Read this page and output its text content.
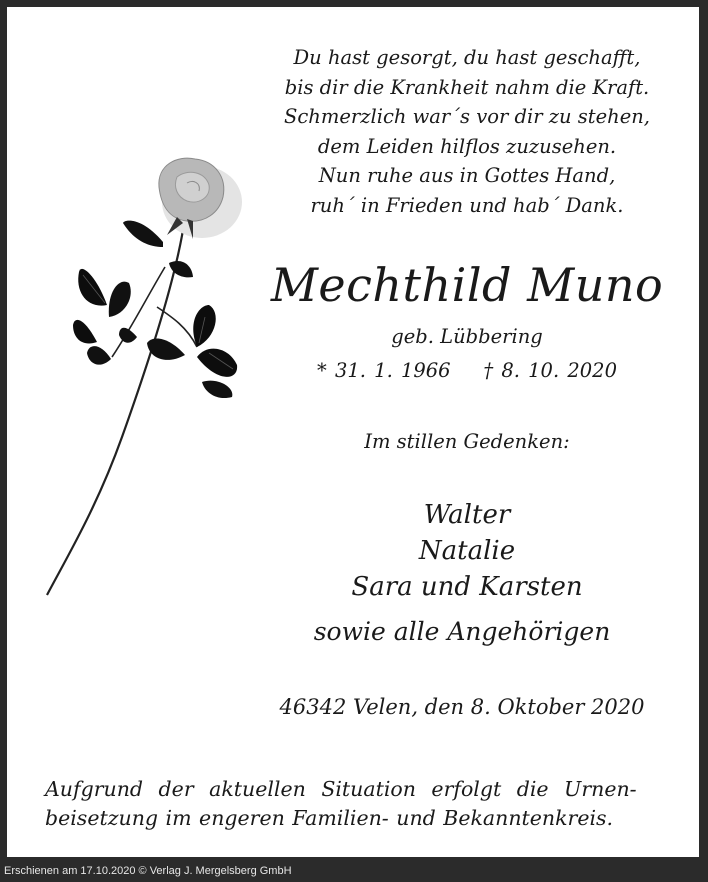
Du hast gesorgt, du hast geschafft,
bis dir die Krankheit nahm die Kraft.
Schmerzlich war´s vor dir zu stehen,
dem Leiden hilflos zuzusehen.
Nun ruhe aus in Gottes Hand,
ruh´ in Frieden und hab´ Dank.
Mechthild Muno
geb. Lübbering
* 31. 1. 1966    † 8. 10. 2020
Im stillen Gedenken:
Walter
Natalie
Sara und Karsten
sowie alle Angehörigen
46342 Velen, den 8. Oktober 2020
Aufgrund der aktuellen Situation erfolgt die Urnen-
beisetzung im engeren Familien- und Bekanntenkreis.
Erschienen am 17.10.2020 © Verlag J. Mergelsberg GmbH
